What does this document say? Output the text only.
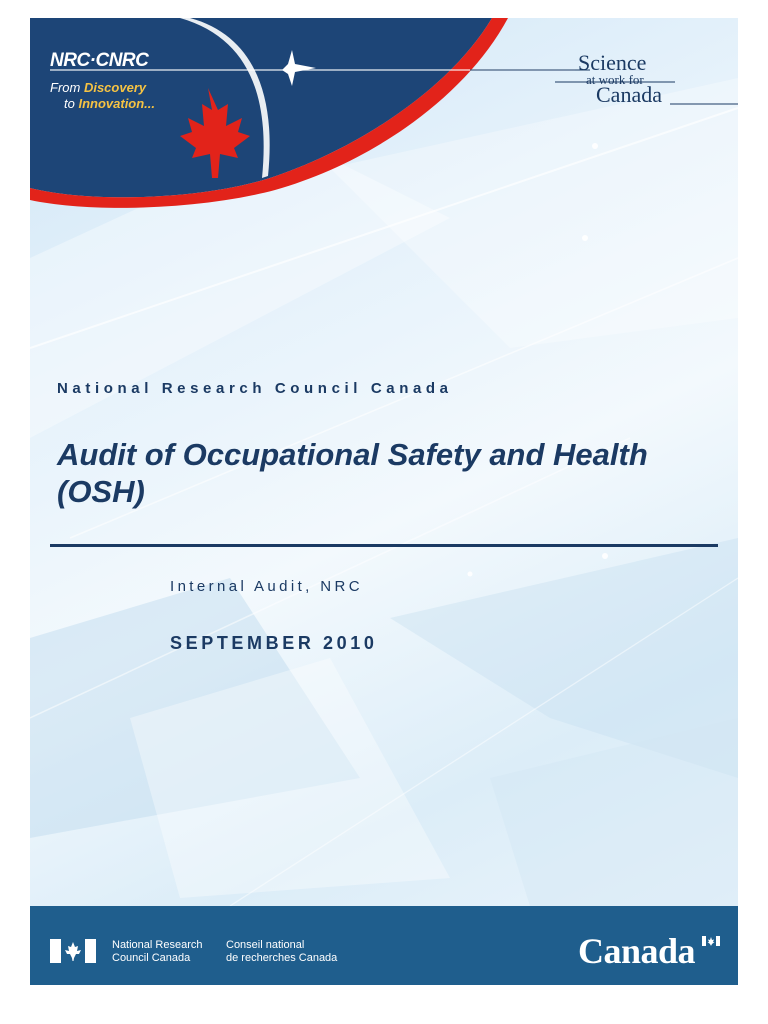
NRC·CNRC
From Discovery
to Innovation...
Science
at work for
Canada
National Research Council Canada
Audit of Occupational Safety and Health (OSH)
Internal Audit, NRC
SEPTEMBER 2010
National Research
Council Canada
Conseil national
de recherches Canada	Canada
